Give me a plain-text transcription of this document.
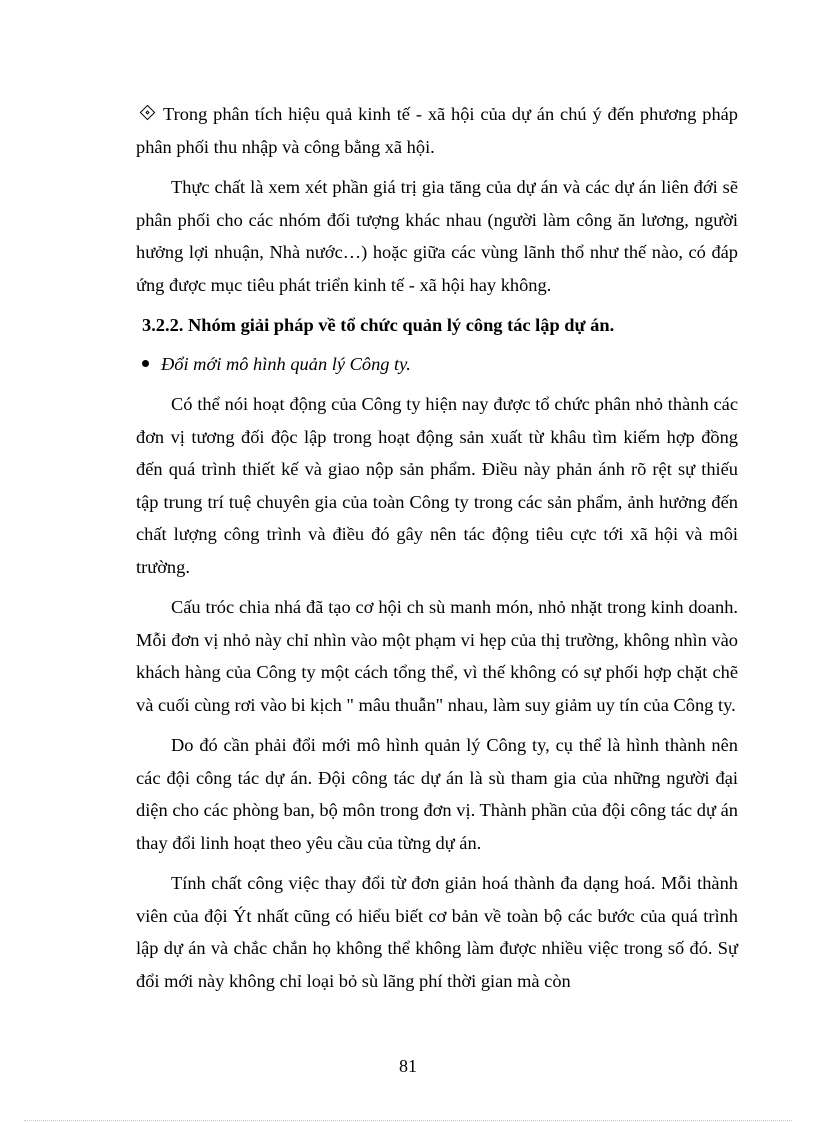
Trong phân tích hiệu quả kinh tế - xã hội của dự án chú ý đến phương pháp phân phối thu nhập và công bằng xã hội.

Thực chất là xem xét phần giá trị gia tăng của dự án và các dự án liên đới sẽ phân phối cho các nhóm đối tượng khác nhau (người làm công ăn lương, người hưởng lợi nhuận, Nhà nước…) hoặc giữa các vùng lãnh thổ như thế nào, có đáp ứng được mục tiêu phát triển kinh tế - xã hội hay không.

3.2.2. Nhóm giải pháp về tổ chức quản lý công tác lập dự án.

Đổi mới mô hình quản lý Công ty.

Có thể nói hoạt động của Công ty hiện nay được tổ chức phân nhỏ thành các đơn vị tương đối độc lập trong hoạt động sản xuất từ khâu tìm kiếm hợp đồng đến quá trình thiết kế và giao nộp sản phẩm. Điều này phản ánh rõ rệt sự thiếu tập trung trí tuệ chuyên gia của toàn Công ty trong các sản phẩm, ảnh hưởng đến chất lượng công trình và điều đó gây nên tác động tiêu cực tới xã hội và môi trường.

Cấu tróc chia nhá đã tạo cơ hội ch sù manh món, nhỏ nhặt trong kinh doanh. Mỗi đơn vị nhỏ này chỉ nhìn vào một phạm vi hẹp của thị trường, không nhìn vào khách hàng của Công ty một cách tổng thể, vì thế không có sự phối hợp chặt chẽ và cuối cùng rơi vào bi kịch " mâu thuẫn" nhau, làm suy giảm uy tín của Công ty.

Do đó cần phải đổi mới mô hình quản lý Công ty, cụ thể là hình thành nên các đội công tác dự án. Đội công tác dự án là sù tham gia của những người đại diện cho các phòng ban, bộ môn trong đơn vị. Thành phần của đội công tác dự án thay đổi linh hoạt theo yêu cầu của từng dự án.

Tính chất công việc thay đổi từ đơn giản hoá thành đa dạng hoá. Mỗi thành viên của đội Ýt nhất cũng có hiểu biết cơ bản về toàn bộ các bước của quá trình lập dự án và chắc chắn họ không thể không làm được nhiều việc trong số đó. Sự đổi mới này không chỉ loại bỏ sù lãng phí thời gian mà còn

81
